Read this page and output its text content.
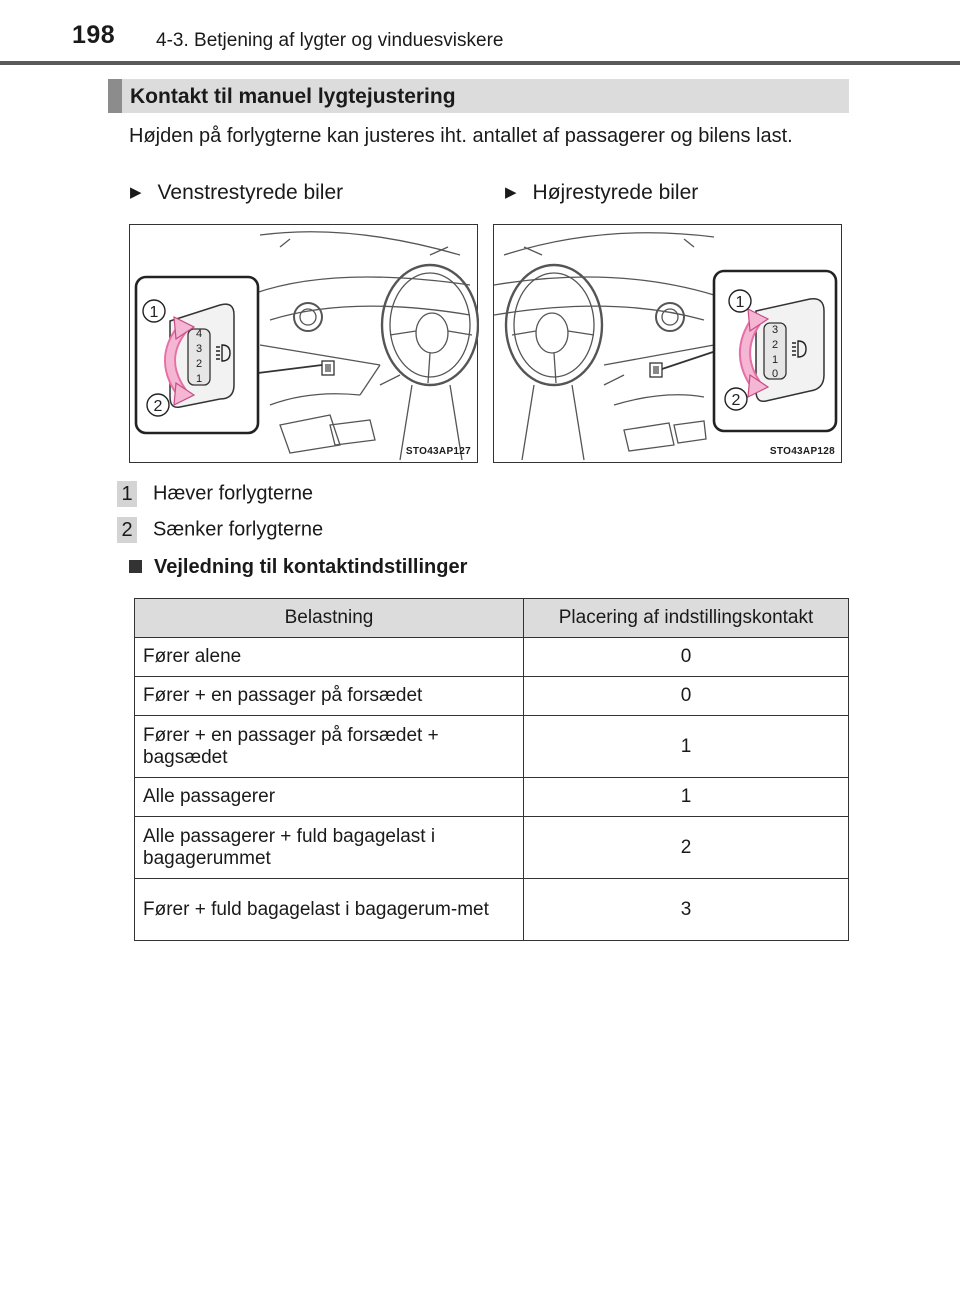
198 4-3. Betjening af lygter og vinduesviskere
Kontakt til manuel lygtejustering
Højden på forlygterne kan justeres iht. antallet af passagerer og bilens last.
▶ Venstrestyrede biler	▶ Højrestyrede biler
4
3
2
1
1
2
STO43AP127
3
2
1
0
1
2
STO43AP128
1 Hæver forlygterne
2 Sænker forlygterne
Vejledning til kontaktindstillinger
Belastning	Placering af indstillingskontakt
Fører alene	0
Fører + en passager på forsædet	0
Fører + en passager på forsædet + bagsædet	1
Alle passagerer	1
Alle passagerer + fuld bagagelast i bagagerummet	2
Fører + fuld bagagelast i bagagerum-met	3
